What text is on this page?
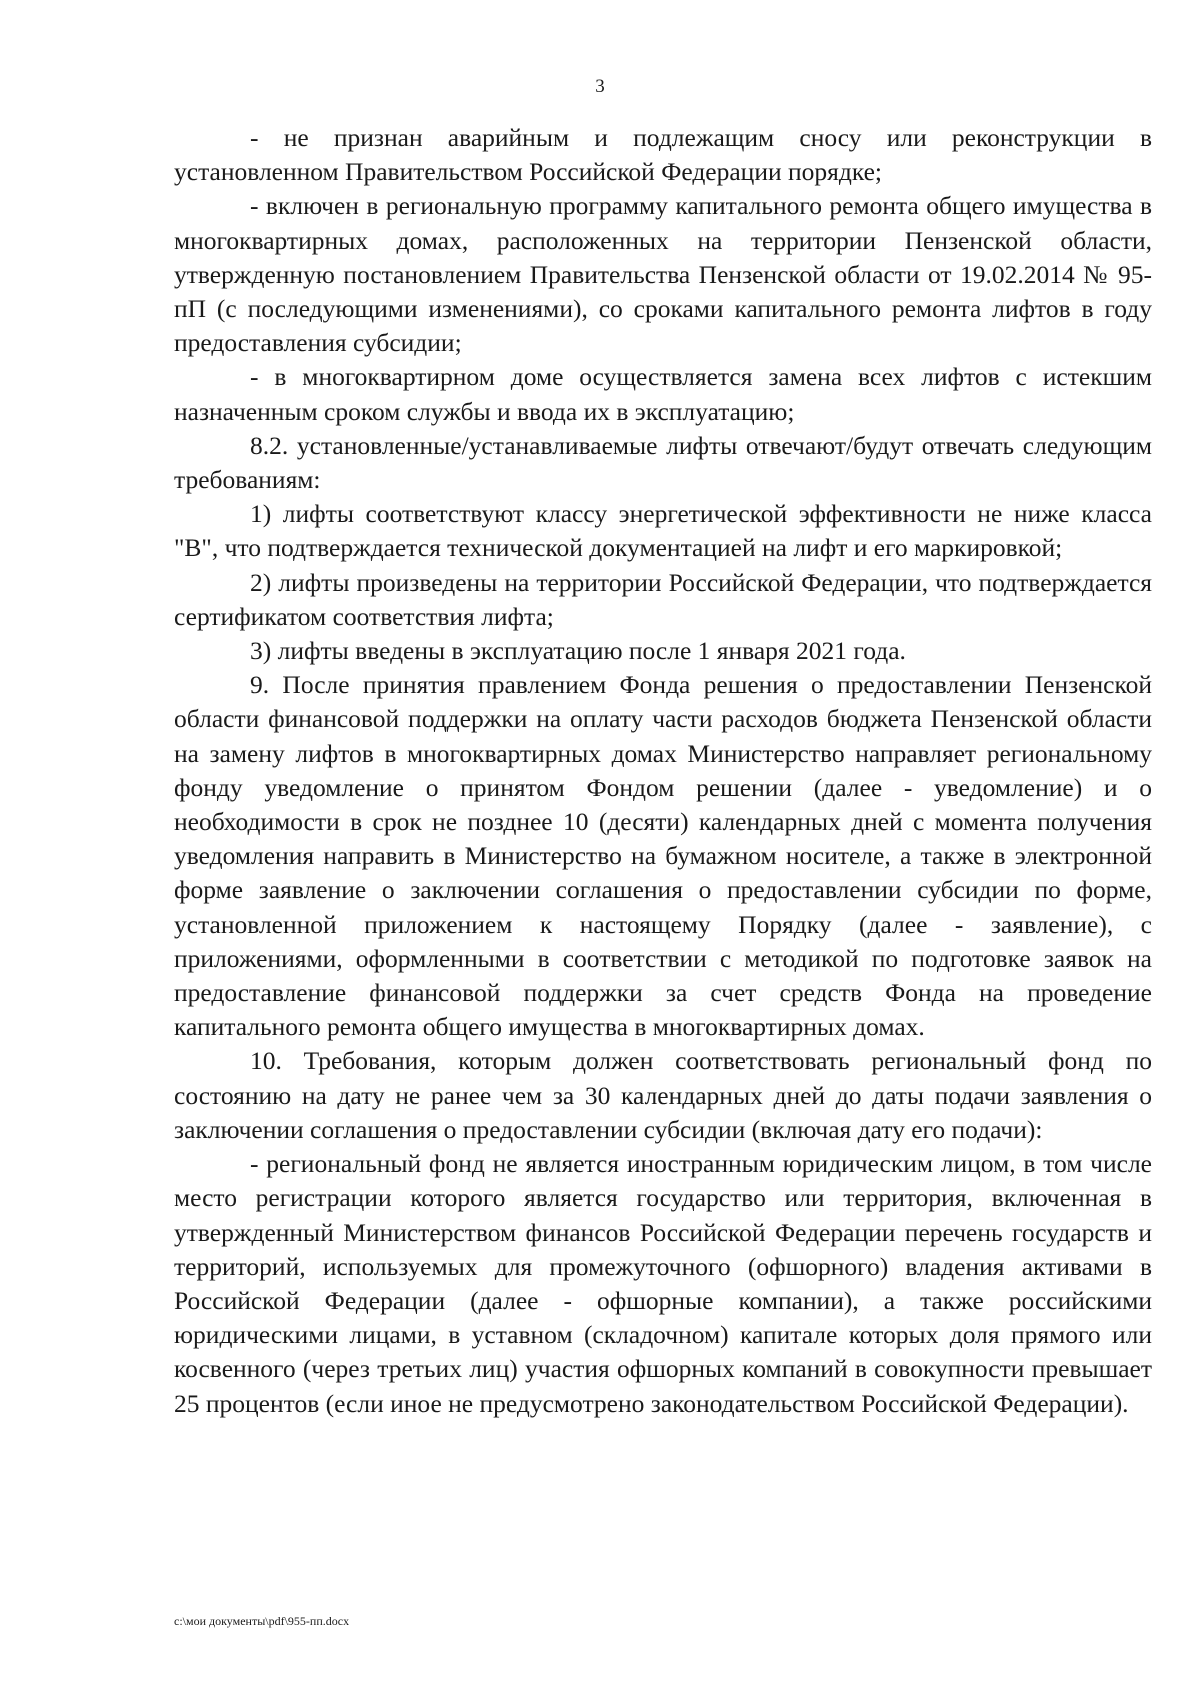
3

- не признан аварийным и подлежащим сносу или реконструкции в установленном Правительством Российской Федерации порядке;

- включен в региональную программу капитального ремонта общего имущества в многоквартирных домах, расположенных на территории Пензенской области, утвержденную постановлением Правительства Пензенской области от 19.02.2014 № 95-пП (с последующими изменениями), со сроками капитального ремонта лифтов в году предоставления субсидии;

- в многоквартирном доме осуществляется замена всех лифтов с истекшим назначенным сроком службы и ввода их в эксплуатацию;

8.2. установленные/устанавливаемые лифты отвечают/будут отвечать следующим требованиям:

1) лифты соответствуют классу энергетической эффективности не ниже класса "В", что подтверждается технической документацией на лифт и его маркировкой;

2) лифты произведены на территории Российской Федерации, что подтверждается сертификатом соответствия лифта;

3) лифты введены в эксплуатацию после 1 января 2021 года.

9. После принятия правлением Фонда решения о предоставлении Пензенской области финансовой поддержки на оплату части расходов бюджета Пензенской области на замену лифтов в многоквартирных домах Министерство направляет региональному фонду уведомление о принятом Фондом решении (далее - уведомление) и о необходимости в срок не позднее 10 (десяти) календарных дней с момента получения уведомления направить в Министерство на бумажном носителе, а также в электронной форме заявление о заключении соглашения о предоставлении субсидии по форме, установленной приложением к настоящему Порядку (далее - заявление), с приложениями, оформленными в соответствии с методикой по подготовке заявок на предоставление финансовой поддержки за счет средств Фонда на проведение капитального ремонта общего имущества в многоквартирных домах.

10. Требования, которым должен соответствовать региональный фонд по состоянию на дату не ранее чем за 30 календарных дней до даты подачи заявления о заключении соглашения о предоставлении субсидии (включая дату его подачи):

- региональный фонд не является иностранным юридическим лицом, в том числе место регистрации которого является государство или территория, включенная в утвержденный Министерством финансов Российской Федерации перечень государств и территорий, используемых для промежуточного (офшорного) владения активами в Российской Федерации (далее - офшорные компании), а также российскими юридическими лицами, в уставном (складочном) капитале которых доля прямого или косвенного (через третьих лиц) участия офшорных компаний в совокупности превышает 25 процентов (если иное не предусмотрено законодательством Российской Федерации).

c:\мои документы\pdf\955-пп.docx
